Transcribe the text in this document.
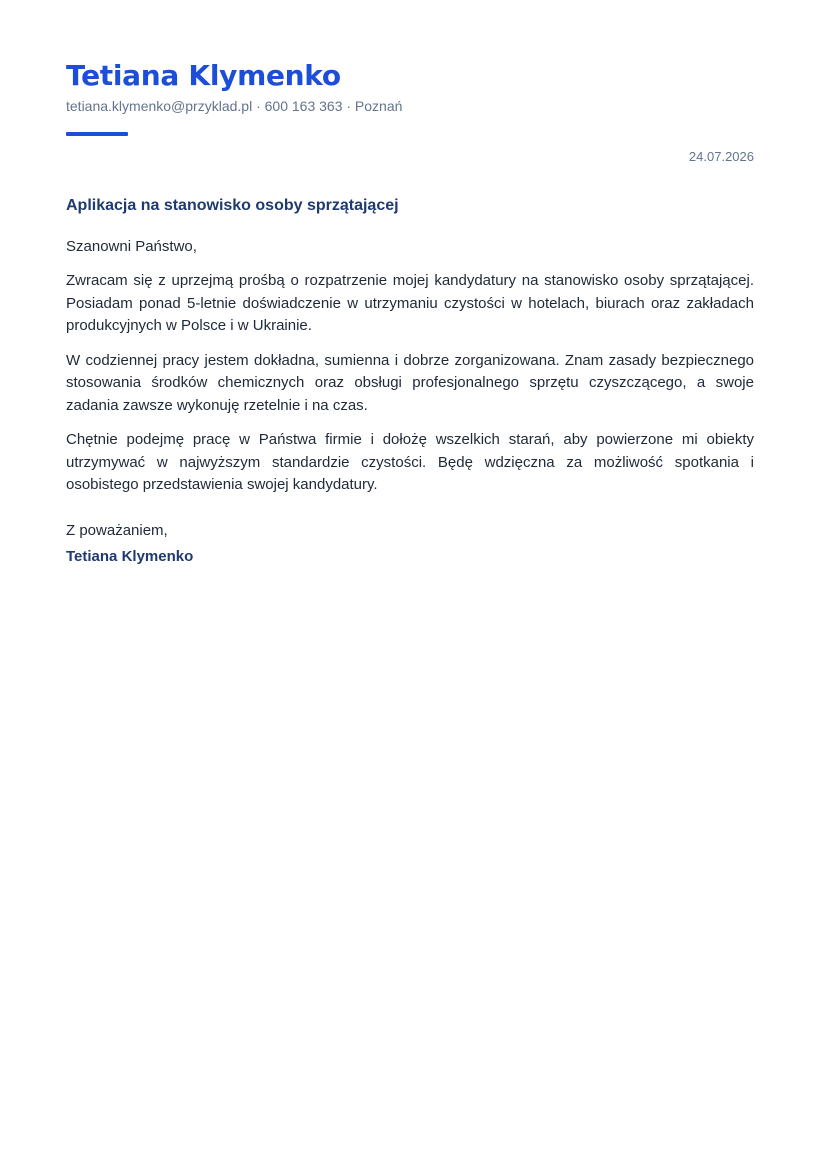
Tetiana Klymenko
tetiana.klymenko@przyklad.pl · 600 163 363 · Poznań
24.07.2026
Aplikacja na stanowisko osoby sprzątającej
Szanowni Państwo,

Zwracam się z uprzejmą prośbą o rozpatrzenie mojej kandydatury na stanowisko osoby sprzątającej. Posiadam ponad 5-letnie doświadczenie w utrzymaniu czystości w hotelach, biurach oraz zakładach produkcyjnych w Polsce i w Ukrainie.

W codziennej pracy jestem dokładna, sumienna i dobrze zorganizowana. Znam zasady bezpiecznego stosowania środków chemicznych oraz obsługi profesjonalnego sprzętu czyszczącego, a swoje zadania zawsze wykonuję rzetelnie i na czas.

Chętnie podejmę pracę w Państwa firmie i dołożę wszelkich starań, aby powierzone mi obiekty utrzymywać w najwyższym standardzie czystości. Będę wdzięczna za możliwość spotkania i osobistego przedstawienia swojej kandydatury.

Z poważaniem,
Tetiana Klymenko
